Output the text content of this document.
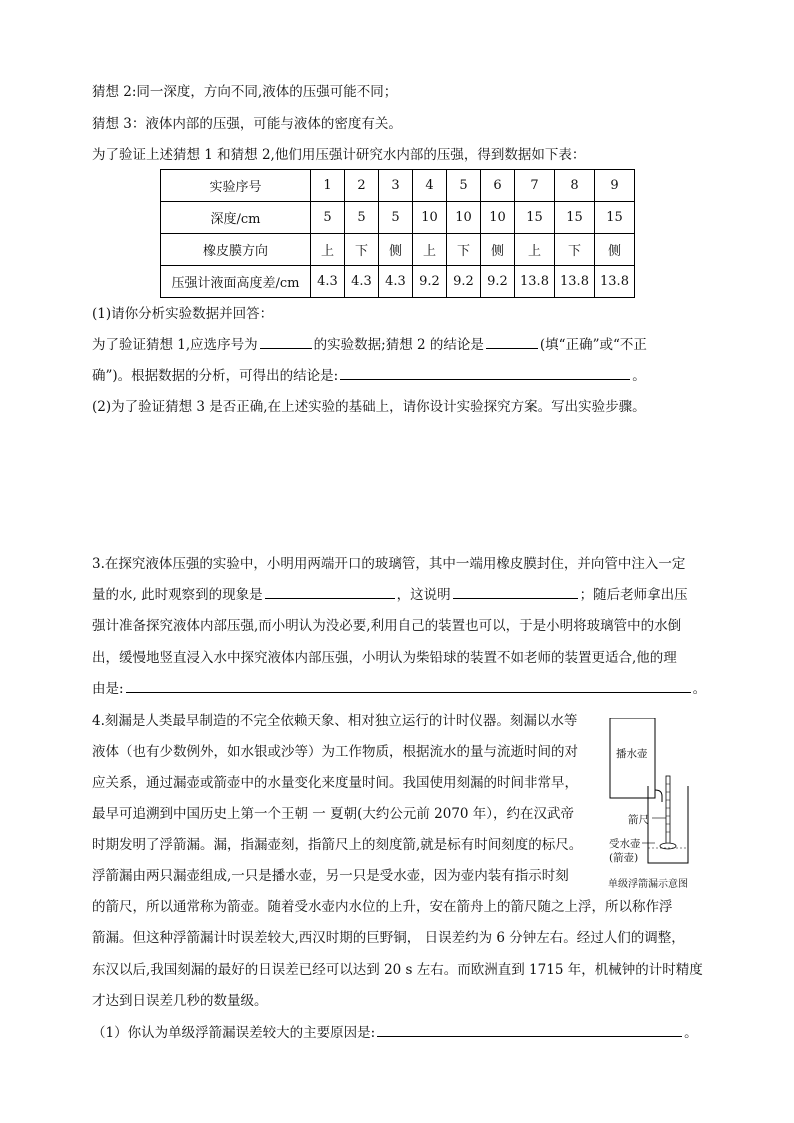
猜想 2:同一深度，方向不同,液体的压强可能不同；
猜想 3：液体内部的压强，可能与液体的密度有关。
为了验证上述猜想 1 和猜想 2,他们用压强计研究水内部的压强，得到数据如下表：
实验序号	1	2	3	4	5	6	7	8	9
深度/cm	5	5	5	10	10	10	15	15	15
橡皮膜方向	上	下	侧	上	下	侧	上	下	侧
压强计液面高度差/cm	4.3	4.3	4.3	9.2	9.2	9.2	13.8	13.8	13.8
(1)请你分析实验数据并回答：
为了验证猜想 1,应选序号为	的实验数据;猜想 2 的结论是	(填“正确”或“不正
确”)。根据数据的分析，可得出的结论是:	。
(2)为了验证猜想 3 是否正确,在上述实验的基础上，请你设计实验探究方案。写出实验步骤。
3.在探究液体压强的实验中，小明用两端开口的玻璃管，其中一端用橡皮膜封住，并向管中注入一定
量的水, 此时观察到的现象是	，这说明	；随后老师拿出压
强计准备探究液体内部压强,而小明认为没必要,利用自己的装置也可以，于是小明将玻璃管中的水倒
出，缓慢地竖直浸入水中探究液体内部压强，小明认为柴铅球的装置不如老师的装置更适合,他的理
由是:	。
4.刻漏是人类最早制造的不完全依赖天象、相对独立运行的计时仪器。刻漏以水等
液体（也有少数例外，如水银或沙等）为工作物质，根据流水的量与流逝时间的对
应关系，通过漏壶或箭壶中的水量变化来度量时间。我国使用刻漏的时间非常早，
最早可追溯到中国历史上第一个王朝 一 夏朝(大约公元前 2070 年），约在汉武帝
时期发明了浮箭漏。漏，指漏壶刻，指箭尺上的刻度箭,就是标有时间刻度的标尺。
浮箭漏由两只漏壶组成,一只是播水壶，另一只是受水壶，因为壶内装有指示时刻
的箭尺，所以通常称为箭壶。随着受水壶内水位的上升，安在箭舟上的箭尺随之上浮，所以称作浮
箭漏。但这种浮箭漏计时误差较大,西汉时期的巨野铜， 日误差约为 6 分钟左右。经过人们的调整，
东汉以后,我国刻漏的最好的日误差已经可以达到 20 s 左右。而欧洲直到 1715 年，机械钟的计时精度
才达到日误差几秒的数量级。
（1）你认为单级浮箭漏误差较大的主要原因是:	。
播水壶
箭尺
受水壶
(箭壶)
单级浮箭漏示意图
